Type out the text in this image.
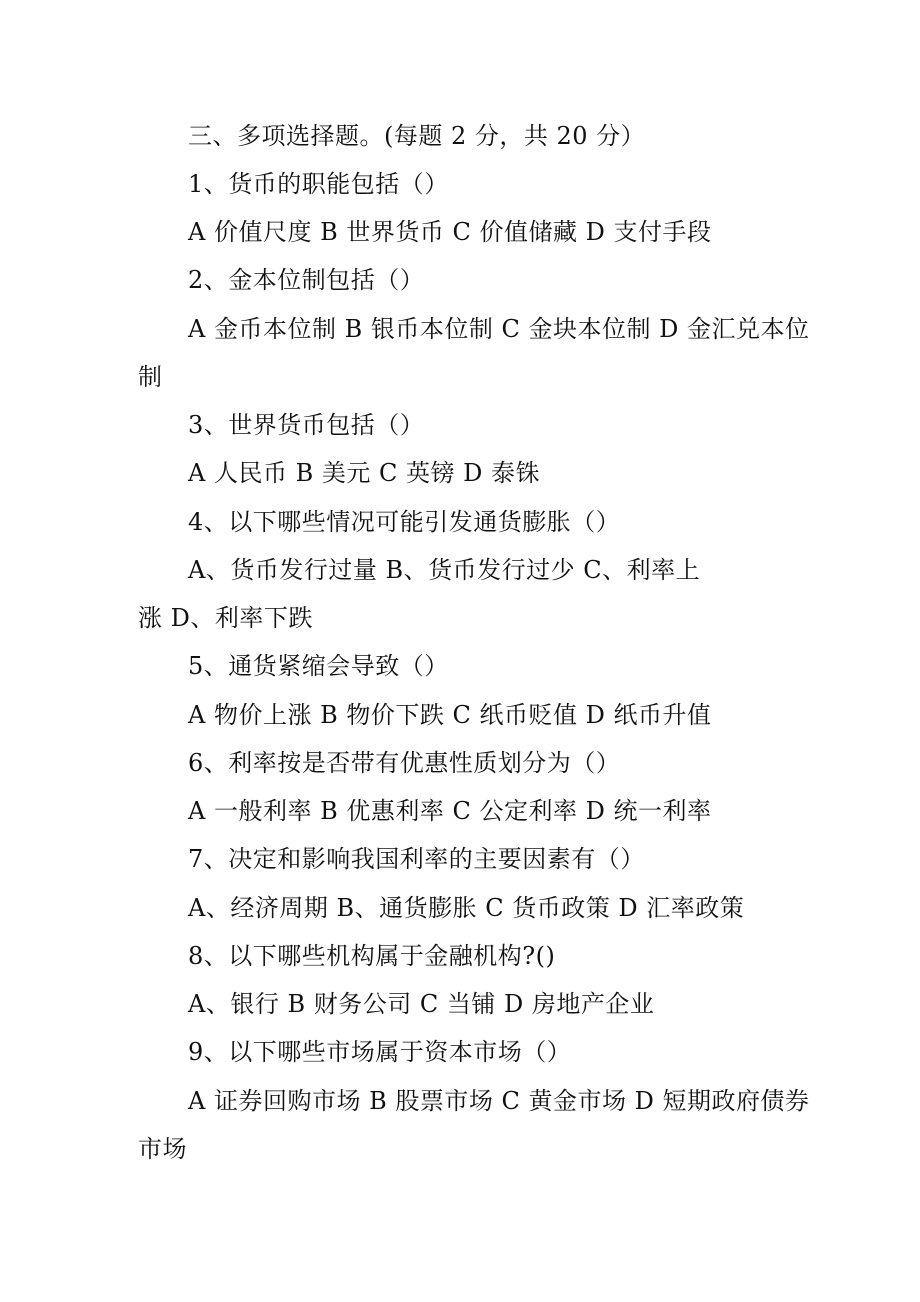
三、多项选择题。(每题 2 分，共 20 分）
1、货币的职能包括（）
A 价值尺度 B 世界货币 C 价值储藏 D 支付手段
2、金本位制包括（）
A 金币本位制 B 银币本位制 C 金块本位制 D 金汇兑本位
制
3、世界货币包括（）
A 人民币 B 美元 C 英镑 D 泰铢
4、以下哪些情况可能引发通货膨胀（）
A、货币发行过量 B、货币发行过少 C、利率上
涨 D、利率下跌
5、通货紧缩会导致（）
A 物价上涨 B 物价下跌 C 纸币贬值 D 纸币升值
6、利率按是否带有优惠性质划分为（）
A 一般利率 B 优惠利率 C 公定利率 D 统一利率
7、决定和影响我国利率的主要因素有（）
A、经济周期 B、通货膨胀 C 货币政策 D 汇率政策
8、以下哪些机构属于金融机构?()
A、银行 B 财务公司 C 当铺 D 房地产企业
9、以下哪些市场属于资本市场（）
A 证券回购市场 B 股票市场 C 黄金市场 D 短期政府债券
市场
